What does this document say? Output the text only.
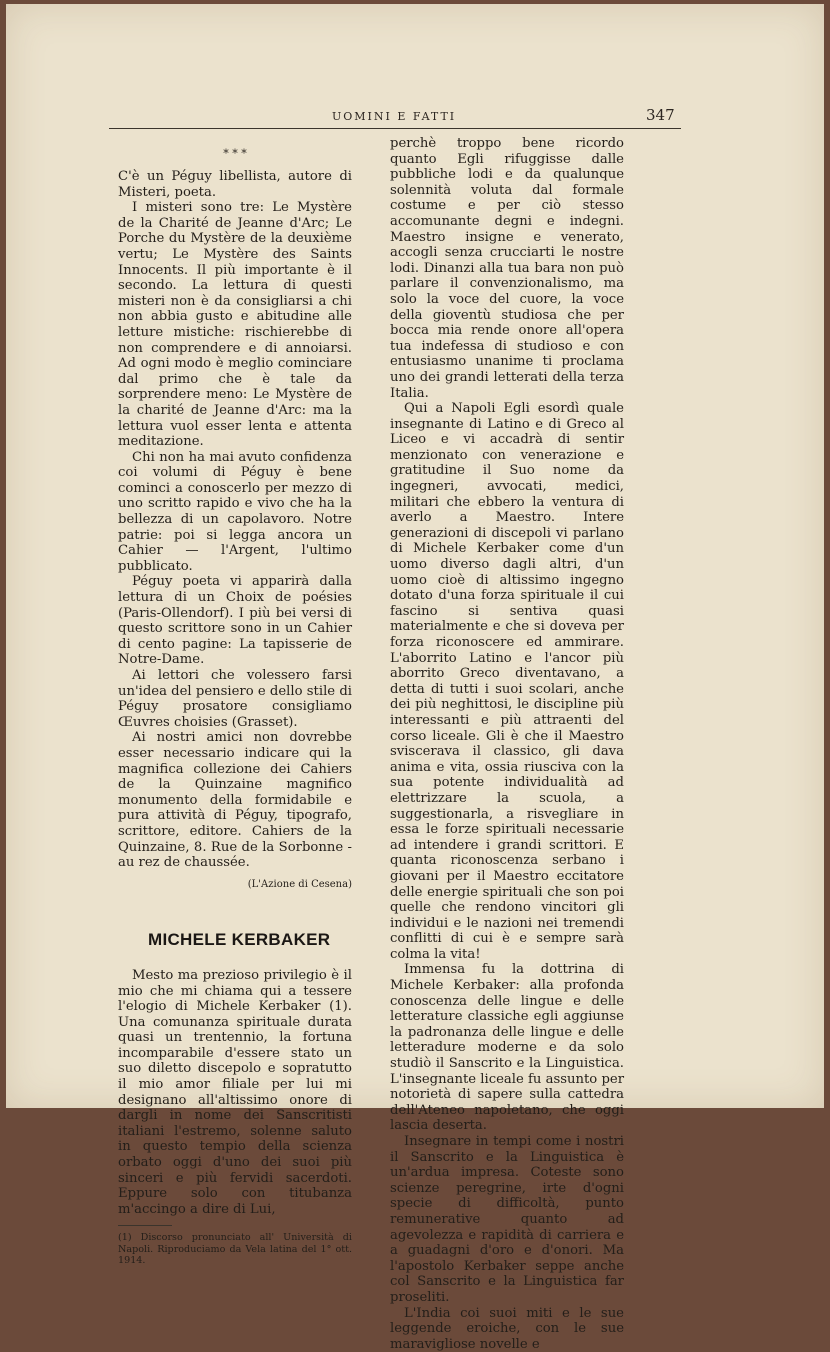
UOMINI E FATTI	347
* * *

C'è un Péguy libellista, autore di Misteri, poeta.

I misteri sono tre: Le Mystère de la Charité de Jeanne d'Arc; Le Porche du Mystère de la deuxième vertu; Le Mystère des Saints Innocents. Il più importante è il secondo. La lettura di questi misteri non è da consigliarsi a chi non abbia gusto e abitudine alle letture mistiche: rischierebbe di non comprendere e di annoiarsi. Ad ogni modo è meglio cominciare dal primo che è tale da sorprendere meno: Le Mystère de la charité de Jeanne d'Arc: ma la lettura vuol esser lenta e attenta meditazione.

Chi non ha mai avuto confidenza coi volumi di Péguy è bene cominci a conoscerlo per mezzo di uno scritto rapido e vivo che ha la bellezza di un capolavoro. Notre patrie: poi si legga ancora un Cahier — l'Argent, l'ultimo pubblicato.

Péguy poeta vi apparirà dalla lettura di un Choix de poésies (Paris-Ollendorf). I più bei versi di questo scrittore sono in un Cahier di cento pagine: La tapisserie de Notre-Dame.

Ai lettori che volessero farsi un'idea del pensiero e dello stile di Péguy prosatore consigliamo Œuvres choisies (Grasset).

Ai nostri amici non dovrebbe esser necessario indicare qui la magnifica collezione dei Cahiers de la Quinzaine magnifico monumento della formidabile e pura attività di Péguy, tipografo, scrittore, editore. Cahiers de la Quinzaine, 8. Rue de la Sorbonne - au rez de chaussée.

(L'Azione di Cesena)
MICHELE KERBAKER

Mesto ma prezioso privilegio è il mio che mi chiama qui a tessere l'elogio di Michele Kerbaker (1). Una comunanza spirituale durata quasi un trentennio, la fortuna incomparabile d'essere stato un suo diletto discepolo e sopratutto il mio amor filiale per lui mi designano all'altissimo onore di dargli in nome dei Sanscritisti italiani l'estremo, solenne saluto in questo tempio della scienza orbato oggi d'uno dei suoi più sinceri e più fervidi sacerdoti. Eppure solo con titubanza m'accingo a dire di Lui,

(1) Discorso pronunciato all' Università di Napoli. Riproduciamo da Vela latina del 1° ott. 1914.

perchè troppo bene ricordo quanto Egli rifuggisse dalle pubbliche lodi e da qualunque solennità voluta dal formale costume e per ciò stesso accomunante degni e indegni. Maestro insigne e venerato, accogli senza crucciarti le nostre lodi. Dinanzi alla tua bara non può parlare il convenzionalismo, ma solo la voce del cuore, la voce della gioventù studiosa che per bocca mia rende onore all'opera tua indefessa di studioso e con entusiasmo unanime ti proclama uno dei grandi letterati della terza Italia.

Qui a Napoli Egli esordì quale insegnante di Latino e di Greco al Liceo e vi accadrà di sentir menzionato con venerazione e gratitudine il Suo nome da ingegneri, avvocati, medici, militari che ebbero la ventura di averlo a Maestro. Intere generazioni di discepoli vi parlano di Michele Kerbaker come d'un uomo diverso dagli altri, d'un uomo cioè di altissimo ingegno dotato d'una forza spirituale il cui fascino si sentiva quasi materialmente e che si doveva per forza riconoscere ed ammirare. L'aborrito Latino e l'ancor più aborrito Greco diventavano, a detta di tutti i suoi scolari, anche dei più neghittosi, le discipline più interessanti e più attraenti del corso liceale. Gli è che il Maestro sviscerava il classico, gli dava anima e vita, ossia riusciva con la sua potente individualità ad elettrizzare la scuola, a suggestionarla, a risvegliare in essa le forze spirituali necessarie ad intendere i grandi scrittori. E quanta riconoscenza serbano i giovani per il Maestro eccitatore delle energie spirituali che son poi quelle che rendono vincitori gli individui e le nazioni nei tremendi conflitti di cui è e sempre sarà colma la vita!

Immensa fu la dottrina di Michele Kerbaker: alla profonda conoscenza delle lingue e delle letterature classiche egli aggiunse la padronanza delle lingue e delle letteradure moderne e da solo studiò il Sanscrito e la Linguistica. L'insegnante liceale fu assunto per notorietà di sapere sulla cattedra dell'Ateneo napoletano, che oggi lascia deserta.

Insegnare in tempi come i nostri il Sanscrito e la Linguistica è un'ardua impresa. Coteste sono scienze peregrine, irte d'ogni specie di difficoltà, punto remunerative quanto ad agevolezza e rapidità di carriera e a guadagni d'oro e d'onori. Ma l'apostolo Kerbaker seppe anche col Sanscrito e la Linguistica far proseliti.

L'India coi suoi miti e le sue leggende eroiche, con le sue maravigliose novelle e
